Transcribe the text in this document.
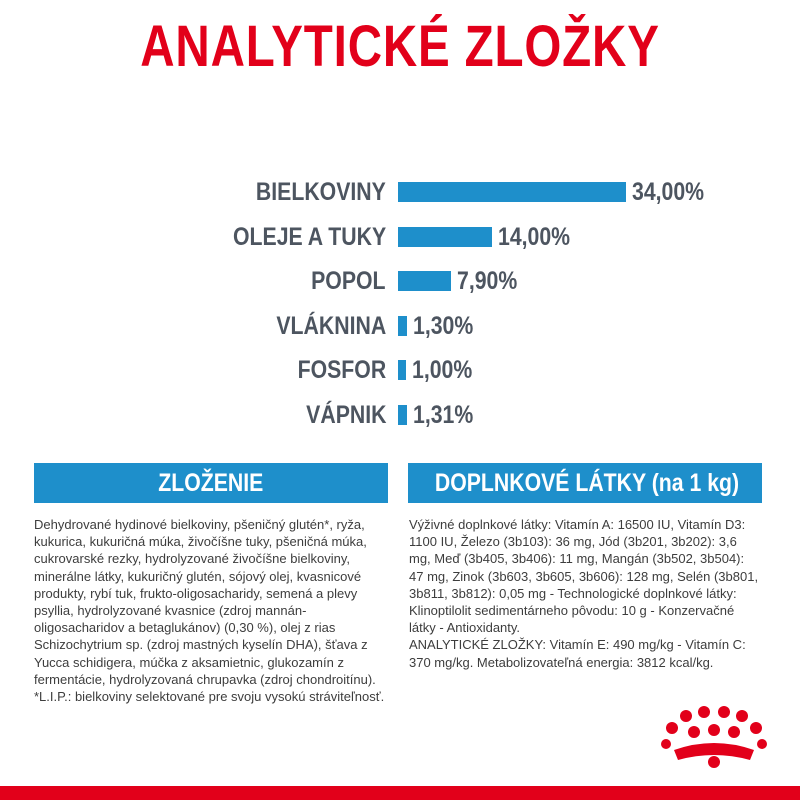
ANALYTICKÉ ZLOŽKY
BIELKOVINY	34,00%
OLEJE A TUKY	14,00%
POPOL	7,90%
VLÁKNINA 1,30%
FOSFOR 1,00%
VÁPNIK 1,31%
ZLOŽENIE	DOPLNKOVÉ LÁTKY (na 1 kg)

Dehydrované hydinové bielkoviny, pšeničný glutén*, ryža, kukurica, kukuričná múka, živočíšne tuky, pšeničná múka, cukrovarské rezky, hydrolyzované živočíšne bielkoviny, minerálne látky, kukuričný glutén, sójový olej, kvasnicové produkty, rybí tuk, frukto-oligosacharidy, semená a plevy psyllia, hydrolyzované kvasnice (zdroj mannán-oligosacharidov a betaglukánov) (0,30 %), olej z rias Schizochytrium sp. (zdroj mastných kyselín DHA), šťava z Yucca schidigera, múčka z aksamietnic, glukozamín z fermentácie, hydrolyzovaná chrupavka (zdroj chondroitínu).

*L.I.P.: bielkoviny selektované pre svoju vysokú stráviteľnosť.

Výživné doplnkové látky: Vitamín A: 16500 IU, Vitamín D3: 1100 IU, Železo (3b103): 36 mg, Jód (3b201, 3b202): 3,6 mg, Meď (3b405, 3b406): 11 mg, Mangán (3b502, 3b504): 47 mg, Zinok (3b603, 3b605, 3b606): 128 mg, Selén (3b801, 3b811, 3b812): 0,05 mg - Technologické doplnkové látky: Klinoptilolit sedimentárneho pôvodu: 10 g - Konzervačné látky - Antioxidanty.

ANALYTICKÉ ZLOŽKY: Vitamín E: 490 mg/kg - Vitamín C: 370 mg/kg. Metabolizovateľná energia: 3812 kcal/kg.
